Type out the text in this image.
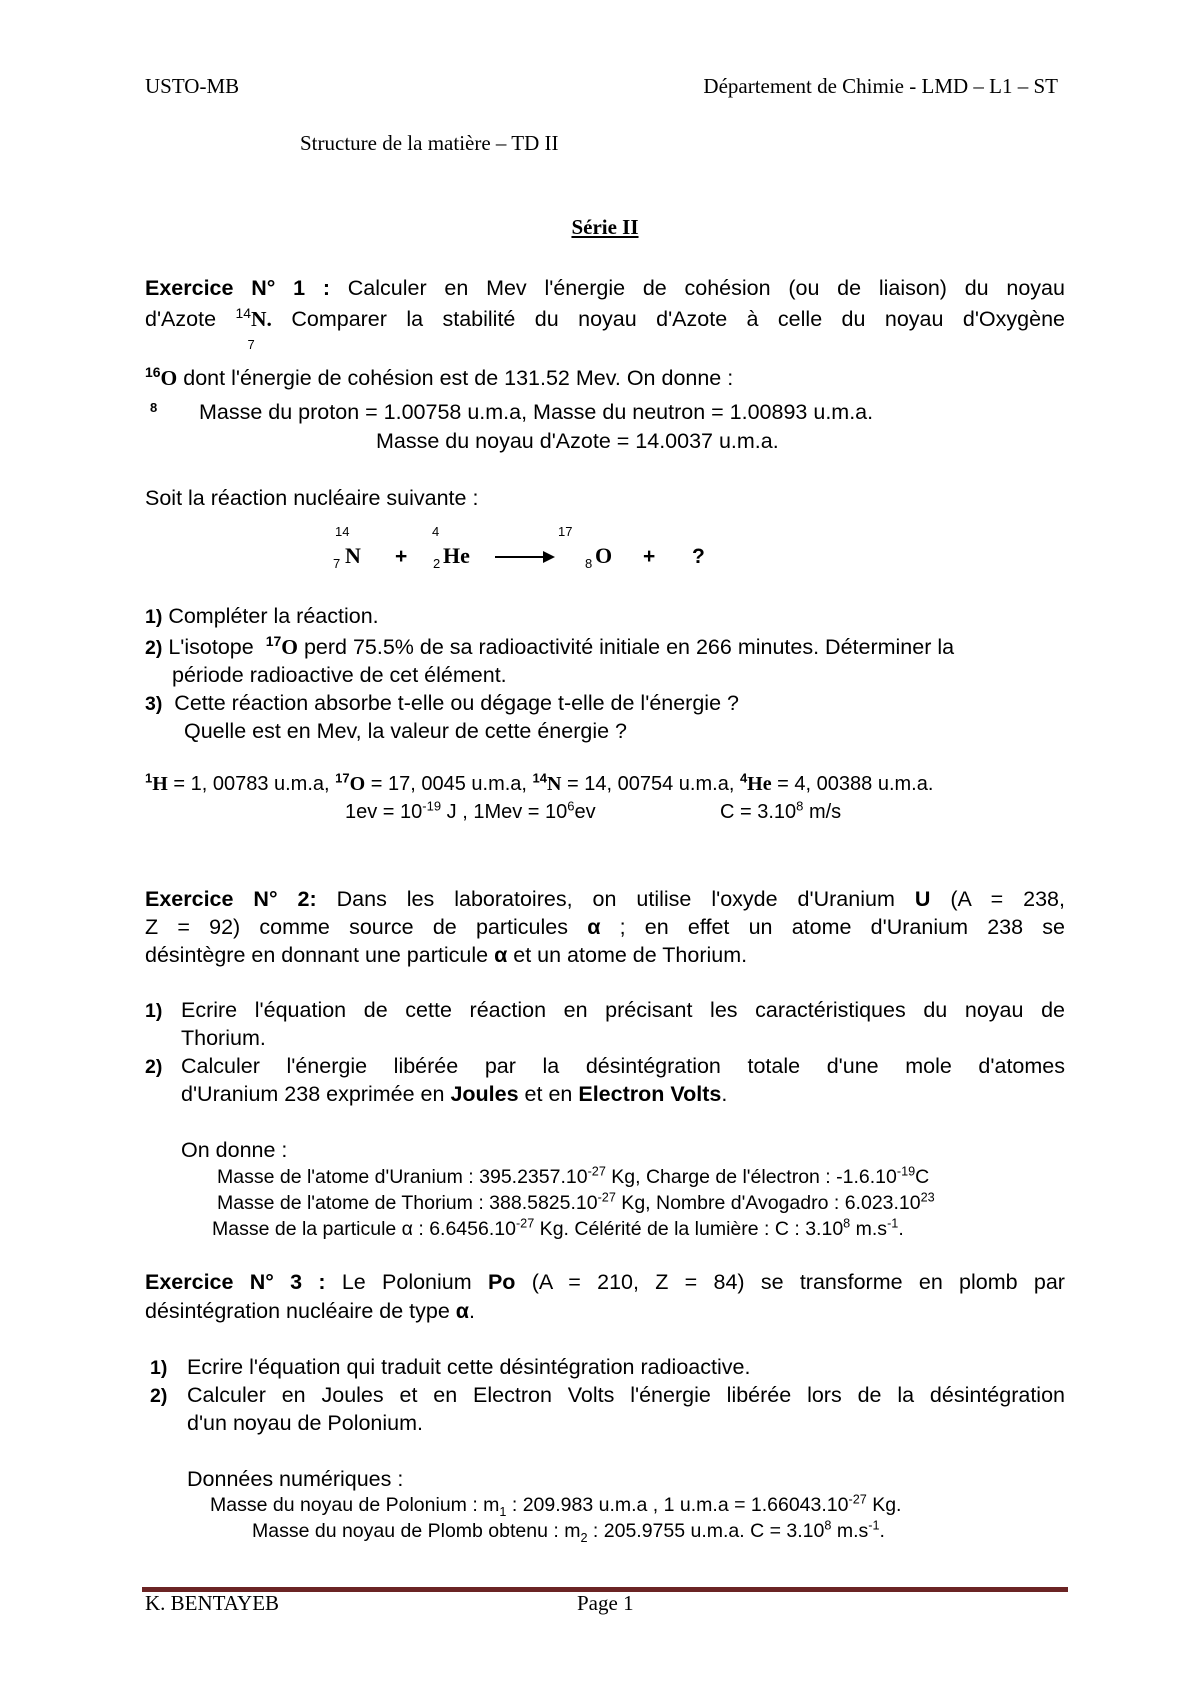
USTO-MB	Département de Chimie - LMD – L1 – ST
Structure de la matière – TD II
Série II
Exercice N° 1 : Calculer en Mev l'énergie de cohésion (ou de liaison) du noyau
d'Azote $^{14}$N.
7
Comparer la stabilité du noyau d'Azote à celle du noyau d'Oxygène
$^{16}$O dont l'énergie de cohésion est de 131.52 Mev. On donne :
8 Masse du proton = 1.00758 u.m.a, Masse du neutron = 1.00893 u.m.a.
Masse du noyau d'Azote = 14.0037 u.m.a.
Soit la réaction nucléaire suivante :
14
7 N +
4
2 He
17
8 O + ?
1) Compléter la réaction.
2) L'isotope $^{17}$O perd 75.5% de sa radioactivité initiale en 266 minutes. Déterminer la
période radioactive de cet élément.
3) Cette réaction absorbe t-elle ou dégage t-elle de l'énergie ?
Quelle est en Mev, la valeur de cette énergie ?
$^1$H = 1, 00783 u.m.a, $^{17}$O = 17, 0045 u.m.a, $^{14}$N = 14, 00754 u.m.a, $^4$He = 4, 00388 u.m.a.
$1ev = 10^{-19}$ J , $1Mev = 10^6ev$	$C = 3.10^8$ m/s
Exercice N° 2: Dans les laboratoires, on utilise l'oxyde d'Uranium U (A = 238,
Z = 92) comme source de particules α ; en effet un atome d'Uranium 238 se
désintègre en donnant une particule α et un atome de Thorium.
1) Ecrire l'équation de cette réaction en précisant les caractéristiques du noyau de
Thorium.
2) Calculer l'énergie libérée par la désintégration totale d'une mole d'atomes
d'Uranium 238 exprimée en Joules et en Electron Volts.
On donne :
Masse de l'atome d'Uranium : $395.2357.10^{-27}$ Kg, Charge de l'électron : $-1.6.10^{-19}C$
Masse de l'atome de Thorium : $388.5825.10^{-27}$ Kg, Nombre d'Avogadro : 6.023.10$^{23}$
Masse de la particule α : $6.6456.10^{-27}$ Kg. Célérité de la lumière : C : 3.10$^8$ $m.s^{-1}$.
Exercice N° 3 : Le Polonium Po (A = 210, Z = 84) se transforme en plomb par
désintégration nucléaire de type α.
1) Ecrire l'équation qui traduit cette désintégration radioactive.
2) Calculer en Joules et en Electron Volts l'énergie libérée lors de la désintégration
d'un noyau de Polonium.
Données numériques :
Masse du noyau de Polonium : $m_1$ : 209.983 u.m.a , 1 $u.m.a = 1.66043.10^{-27}$ Kg.
Masse du noyau de Plomb obtenu : $m_2$ : 205.9755 u.m.a. $C = 3.10^8$ $m.s^{-1}$.
K. BENTAYEB	Page 1
